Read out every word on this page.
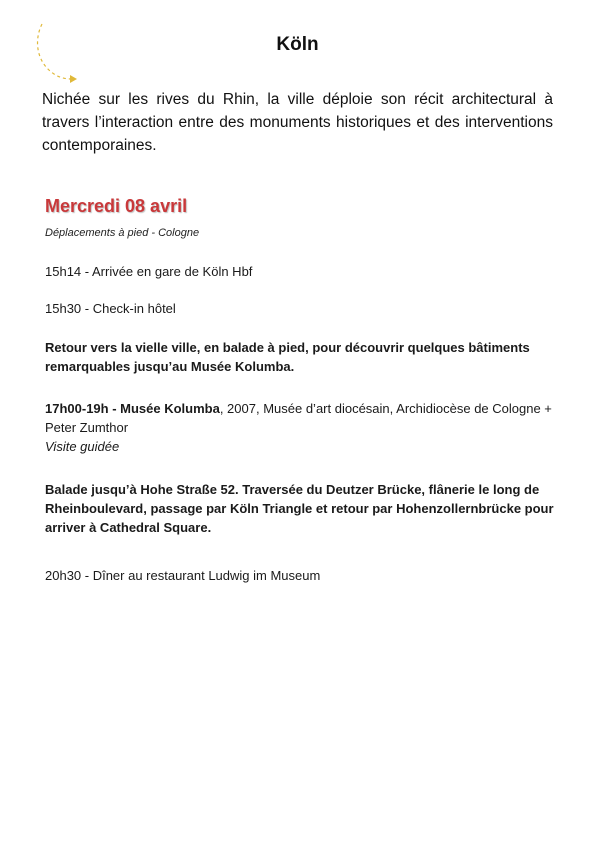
Köln
Nichée sur les rives du Rhin, la ville déploie son récit architectural à travers l’interaction entre des monuments historiques et des interventions contemporaines.
Mercredi 08 avril
Déplacements à pied - Cologne
15h14 - Arrivée en gare de Köln Hbf
15h30 - Check-in hôtel
Retour vers la vielle ville, en balade à pied, pour découvrir quelques bâtiments remarquables jusqu’au Musée Kolumba.
17h00-19h - Musée Kolumba, 2007, Musée d’art diocésain, Archidiocèse de Cologne + Peter Zumthor
Visite guidée
Balade jusqu’à Hohe Straße 52. Traversée du Deutzer Brücke, flânerie le long de Rheinboulevard, passage par Köln Triangle et retour par Hohenzollernbrücke pour arriver à Cathedral Square.
20h30 - Dîner au restaurant Ludwig im Museum
